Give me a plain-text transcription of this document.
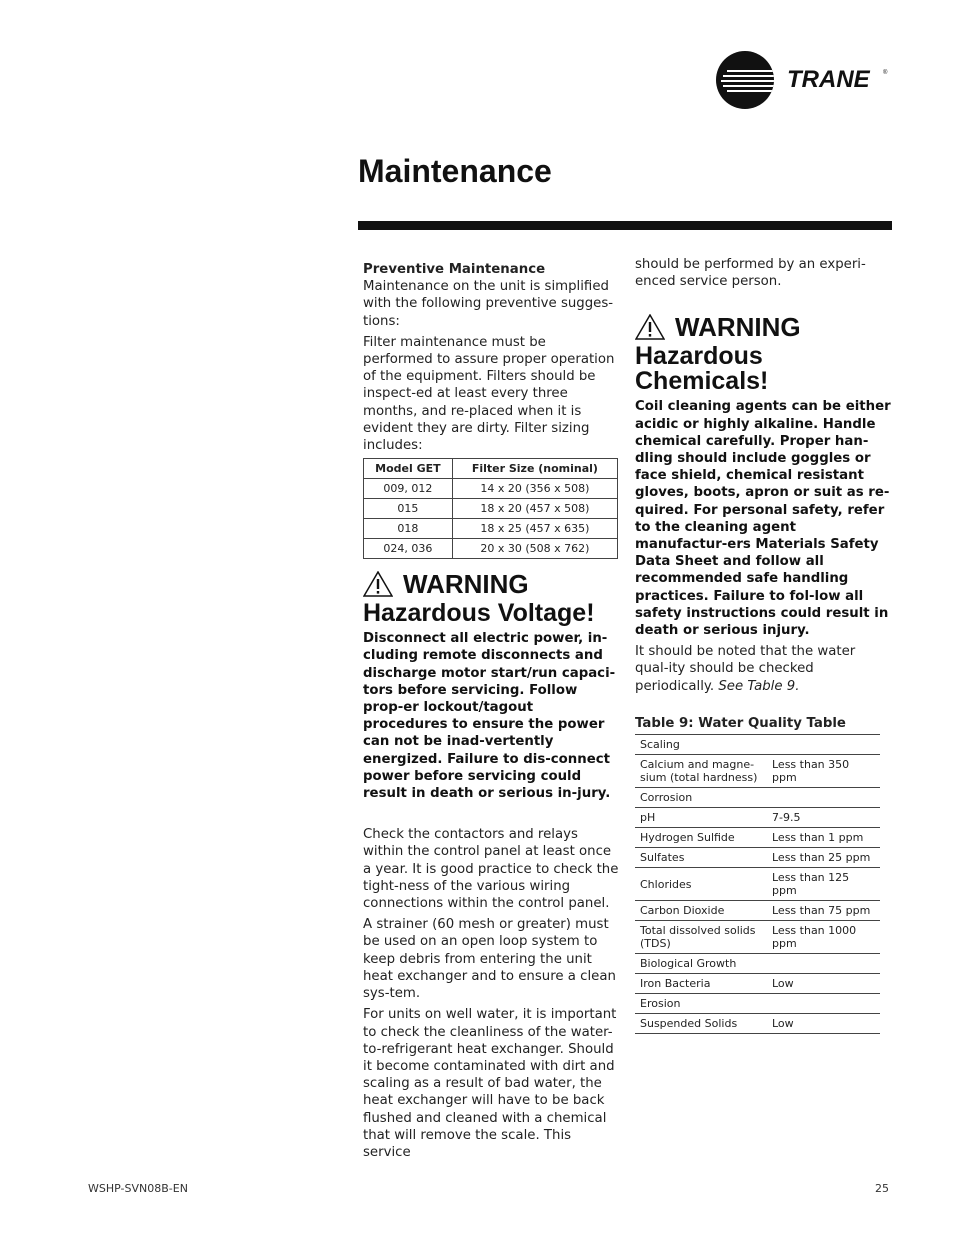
TRANE ®
Maintenance

Preventive Maintenance
Maintenance on the unit is simplified with the following preventive sugges-tions:

Filter maintenance must be performed to assure proper operation of the equipment. Filters should be inspect-ed at least every three months, and re-placed when it is evident they are dirty. Filter sizing includes:

Model GET	Filter Size (nominal)
009, 012	14 x 20 (356 x 508)
015	18 x 20 (457 x 508)
018	18 x 25 (457 x 635)
024, 036	20 x 30 (508 x 762)
WARNING
Hazardous Voltage!

Disconnect all electric power, in-cluding remote disconnects and discharge motor start/run capaci-tors before servicing. Follow prop-er lockout/tagout procedures to ensure the power can not be inad-vertently energized. Failure to dis-connect power before servicing could result in death or serious in-jury.

Check the contactors and relays within the control panel at least once a year. It is good practice to check the tight-ness of the various wiring connections within the control panel.

A strainer (60 mesh or greater) must be used on an open loop system to keep debris from entering the unit heat exchanger and to ensure a clean sys-tem.

For units on well water, it is important to check the cleanliness of the water-to-refrigerant heat exchanger. Should it become contaminated with dirt and scaling as a result of bad water, the heat exchanger will have to be back flushed and cleaned with a chemical that will remove the scale. This service

should be performed by an experi-enced service person.

WARNING
Hazardous Chemicals!

Coil cleaning agents can be either acidic or highly alkaline. Handle chemical carefully. Proper han-dling should include goggles or face shield, chemical resistant gloves, boots, apron or suit as re-quired. For personal safety, refer to the cleaning agent manufactur-ers Materials Safety Data Sheet and follow all recommended safe handling practices. Failure to fol-low all safety instructions could result in death or serious injury.

It should be noted that the water qual-ity should be checked periodically. See Table 9.

Table 9: Water Quality Table
Scaling	
Calcium and magne-sium (total hardness)	Less than 350 ppm
Corrosion	
pH	7-9.5
Hydrogen Sulfide	Less than 1 ppm
Sulfates	Less than 25 ppm
Chlorides	Less than 125 ppm
Carbon Dioxide	Less than 75 ppm
Total dissolved solids (TDS)	Less than 1000 ppm
Biological Growth	
Iron Bacteria	Low
Erosion	
Suspended Solids	Low
WSHP-SVN08B-EN	25
